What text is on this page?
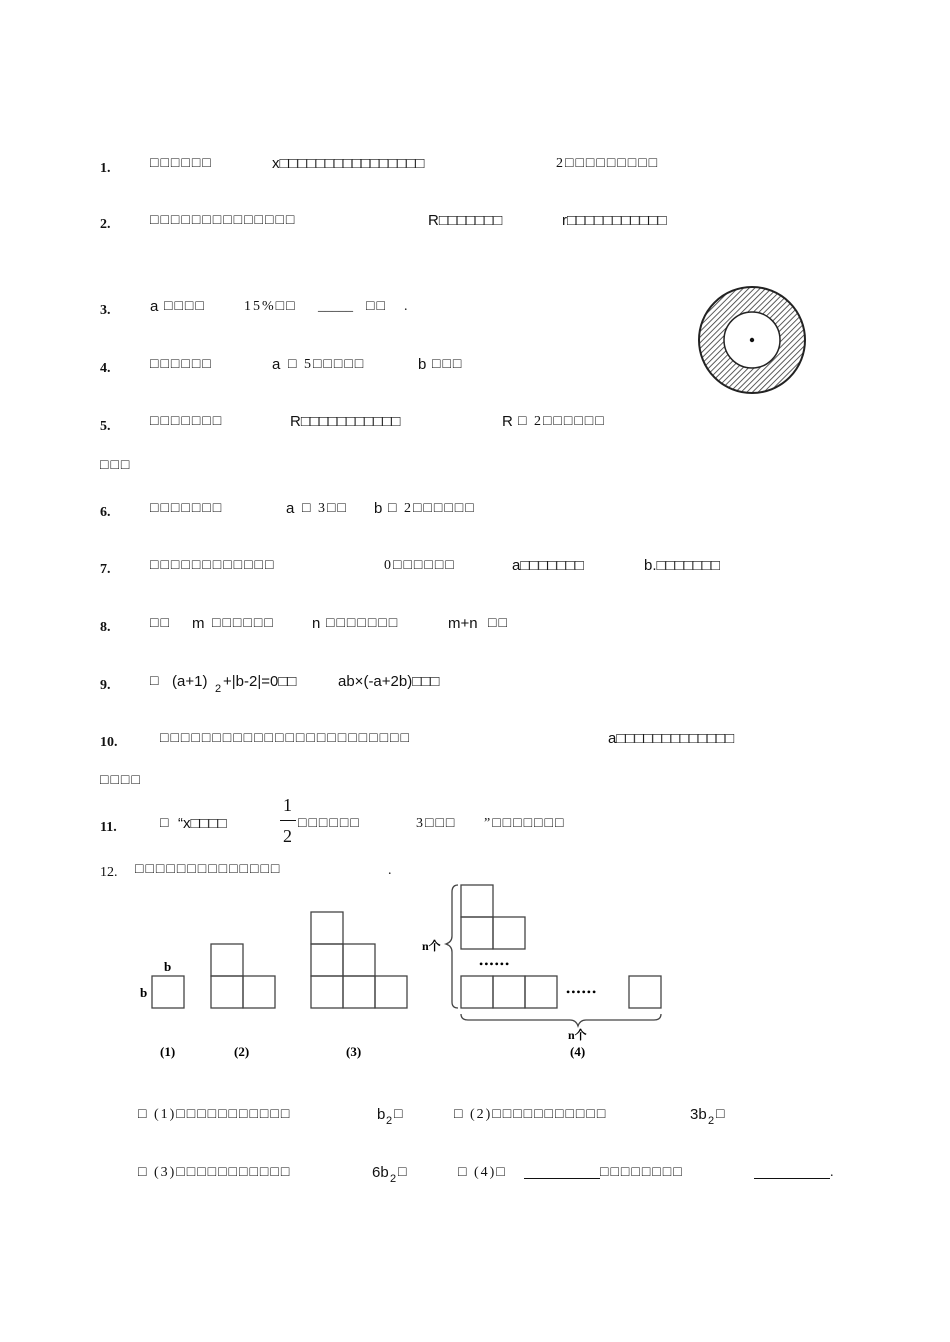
1.
2.
3.
4.
5.
6.
7.
8.
9.
10.
11.
12.
□□□□□□	x□□□□□□□□□□□□□□□□	2□□□□□□□□□
□□□□□□□□□□□□□□	R□□□□□□□	r□□□□□□□□□□□
a □□□□	15%□□ _____ □□ .
□□□□□□	a □ 5□□□□□	b □□□
□□□□□□□	R□□□□□□□□□□□	R □ 2□□□□□□
□□□
□□□□□□□	a □ 3□□ b □ 2□□□□□□
□□□□□□□□□□□□	0□□□□□□	a□□□□□□□	b.□□□□□□□
□□ m □□□□□□ n □□□□□□□	m+n □□
□ (a+1) 2 +|b-2|=0□□	ab×(-a+2b)□□□
□□□□□□□□□□□□□□□□□□□□□□□□	a□□□□□□□□□□□□□
□□□□
□ “x□□□□
1
2
□□□□□□	3□□□ ”□□□□□□□
□□□□□□□□□□□□□□	.
b
b
n个
n个
••••••
••••••
(1)	(2)	(3)	(4)
□ (1)□□□□□□□□□□□	b 2 □	□ (2)□□□□□□□□□□□	3b 2 □
□ (3)□□□□□□□□□□□	6b 2 □	□ (4)□	□□□□□□□□	.
